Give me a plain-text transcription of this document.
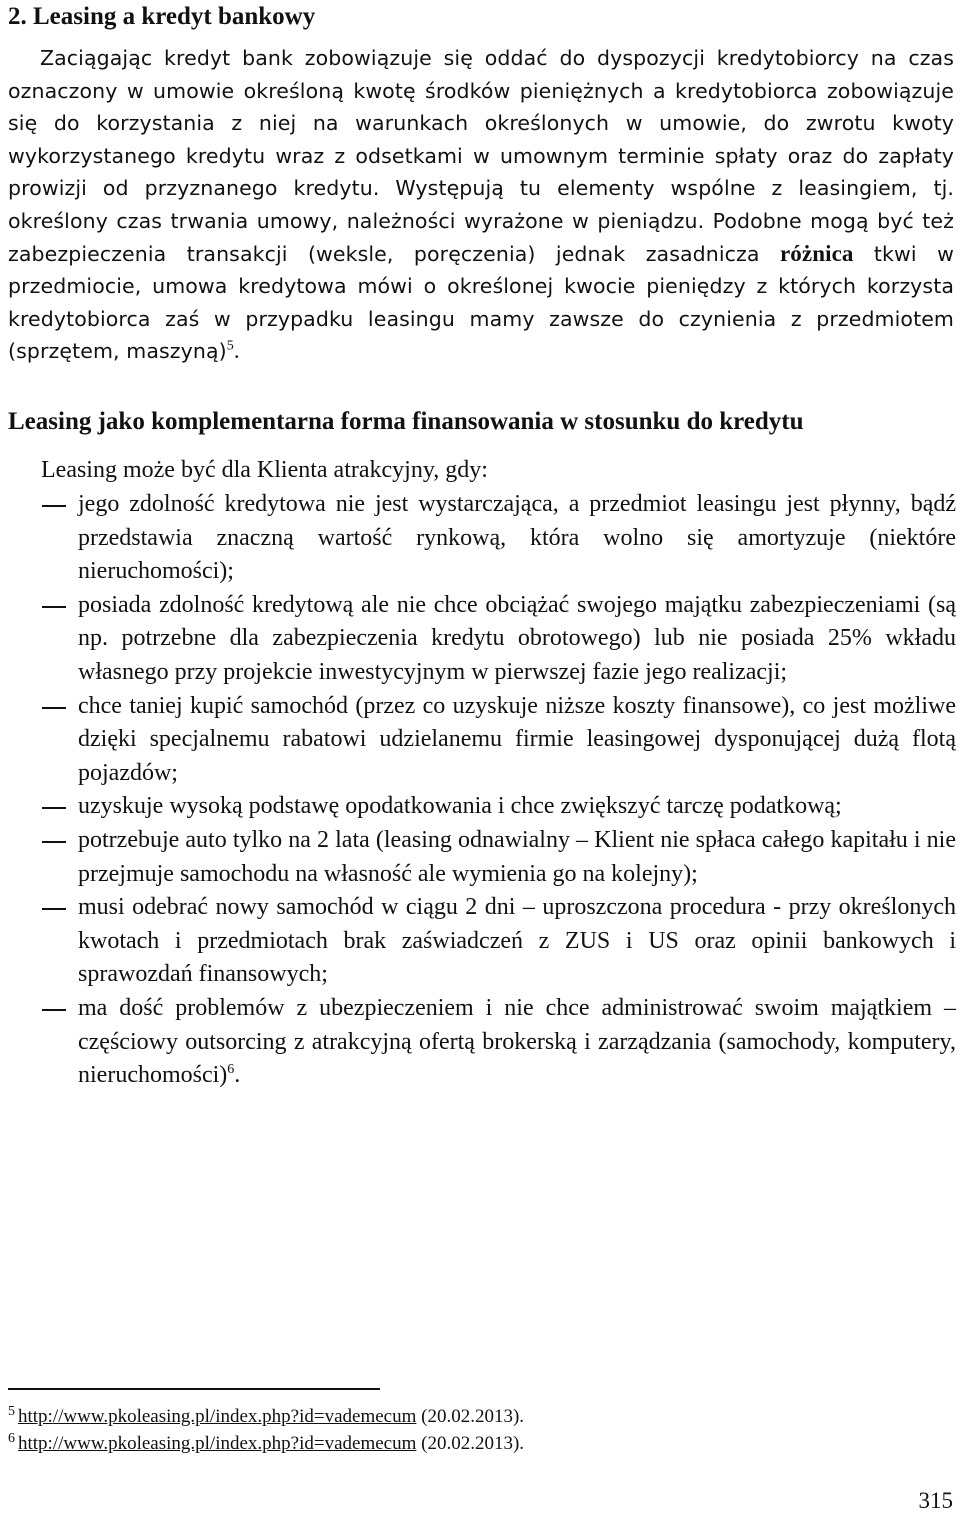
2. Leasing a kredyt bankowy

Zaciągając kredyt bank zobowiązuje się oddać do dyspozycji kredytobiorcy na czas oznaczony w umowie określoną kwotę środków pieniężnych a kredytobiorca zobowiązuje się do korzystania z niej na warunkach określonych w umowie, do zwrotu kwoty wykorzystanego kredytu wraz z odsetkami w umownym terminie spłaty oraz do zapłaty prowizji od przyznanego kredytu. Występują tu elementy wspólne z leasingiem, tj. określony czas trwania umowy, należności wyrażone w pieniądzu. Podobne mogą być też zabezpieczenia transakcji (weksle, poręczenia) jednak zasadnicza różnica tkwi w przedmiocie, umowa kredytowa mówi o określonej kwocie pieniędzy z których korzysta kredytobiorca zaś w przypadku leasingu mamy zawsze do czynienia z przedmiotem (sprzętem, maszyną)$^5$.

Leasing jako komplementarna forma finansowania w stosunku do kredytu

Leasing może być dla Klienta atrakcyjny, gdy:

jego zdolność kredytowa nie jest wystarczająca, a przedmiot leasingu jest płynny, bądź przedstawia znaczną wartość rynkową, która wolno się amortyzuje (niektóre nieruchomości);
posiada zdolność kredytową ale nie chce obciążać swojego majątku zabezpieczeniami (są np. potrzebne dla zabezpieczenia kredytu obrotowego) lub nie posiada 25% wkładu własnego przy projekcie inwestycyjnym w pierwszej fazie jego realizacji;
chce taniej kupić samochód (przez co uzyskuje niższe koszty finansowe), co jest możliwe dzięki specjalnemu rabatowi udzielanemu firmie leasingowej dysponującej dużą flotą pojazdów;
uzyskuje wysoką podstawę opodatkowania i chce zwiększyć tarczę podatkową;
potrzebuje auto tylko na 2 lata (leasing odnawialny – Klient nie spłaca całego kapitału i nie przejmuje samochodu na własność ale wymienia go na kolejny);
musi odebrać nowy samochód w ciągu 2 dni – uproszczona procedura - przy określonych kwotach i przedmiotach brak zaświadczeń z ZUS i US oraz opinii bankowych i sprawozdań finansowych;
ma dość problemów z ubezpieczeniem i nie chce administrować swoim majątkiem – częściowy outsorcing z atrakcyjną ofertą brokerską i zarządzania (samochody, komputery, nieruchomości)$^6$.
$^5$ http://www.pkoleasing.pl/index.php?id=vademecum (20.02.2013).
$^6$ http://www.pkoleasing.pl/index.php?id=vademecum (20.02.2013).
315
